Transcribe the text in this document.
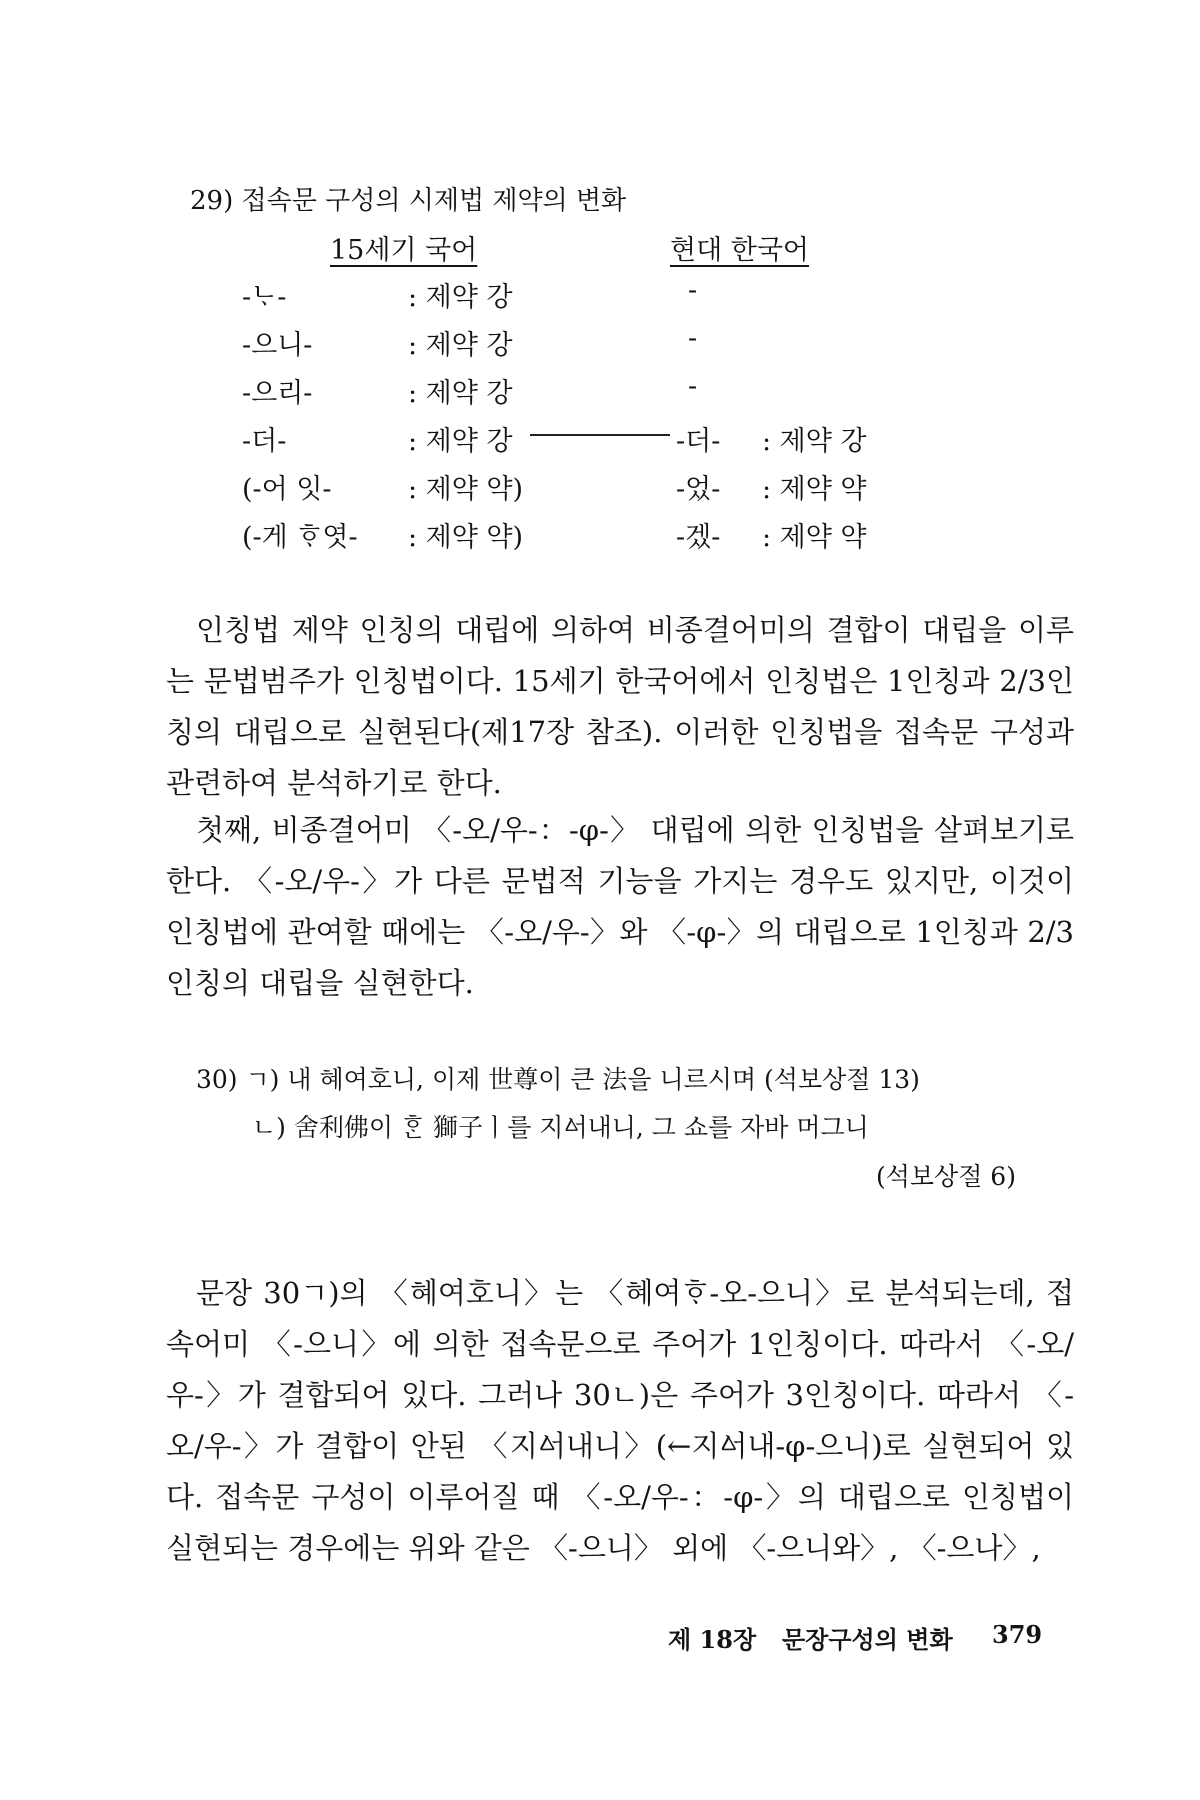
29) 접속문 구성의 시제법 제약의 변화
15세기 국어	현대 한국어
-ᄂᆞ-	: 제약 강	-
-으니-	: 제약 강	-
-으리-	: 제약 강	-
-더-	: 제약 강	-더- : 제약 강
(-어 잇-	: 제약 약)	-었- : 제약 약
(-게 ᄒᆞ엿- : 제약 약)	-겠- : 제약 약

인칭법 제약 인칭의 대립에 의하여 비종결어미의 결합이 대립을 이루는 문법범주가 인칭법이다. 15세기 한국어에서 인칭법은 1인칭과 2/3인칭의 대립으로 실현된다(제17장 참조). 이러한 인칭법을 접속문 구성과 관련하여 분석하기로 한다.

첫째, 비종결어미 〈-오/우-：-φ-〉 대립에 의한 인칭법을 살펴보기로 한다. 〈-오/우-〉가 다른 문법적 기능을 가지는 경우도 있지만, 이것이 인칭법에 관여할 때에는 〈-오/우-〉와 〈-φ-〉의 대립으로 1인칭과 2/3인칭의 대립을 실현한다.

30) ㄱ) 내 혜여호니, 이제 世尊이 큰 法을 니르시며 (석보상절 13)
ㄴ) 舍利佛이 ᄒᆞᆫ 獅子ㅣ를 지ᅀᅥ내니, 그 쇼를 자바 머그니
(석보상절 6)

문장 30ㄱ)의 〈혜여호니〉는 〈혜여ᄒᆞ-오-으니〉로 분석되는데, 접속어미 〈-으니〉에 의한 접속문으로 주어가 1인칭이다. 따라서 〈-오/우-〉가 결합되어 있다. 그러나 30ㄴ)은 주어가 3인칭이다. 따라서 〈-오/우-〉가 결합이 안된 〈지ᅀᅥ내니〉(←지ᅀᅥ내-φ-으니)로 실현되어 있다. 접속문 구성이 이루어질 때 〈-오/우-：-φ-〉의 대립으로 인칭법이 실현되는 경우에는 위와 같은 〈-으니〉 외에 〈-으니와〉, 〈-으나〉,

제 18장 문장구성의 변화 379
